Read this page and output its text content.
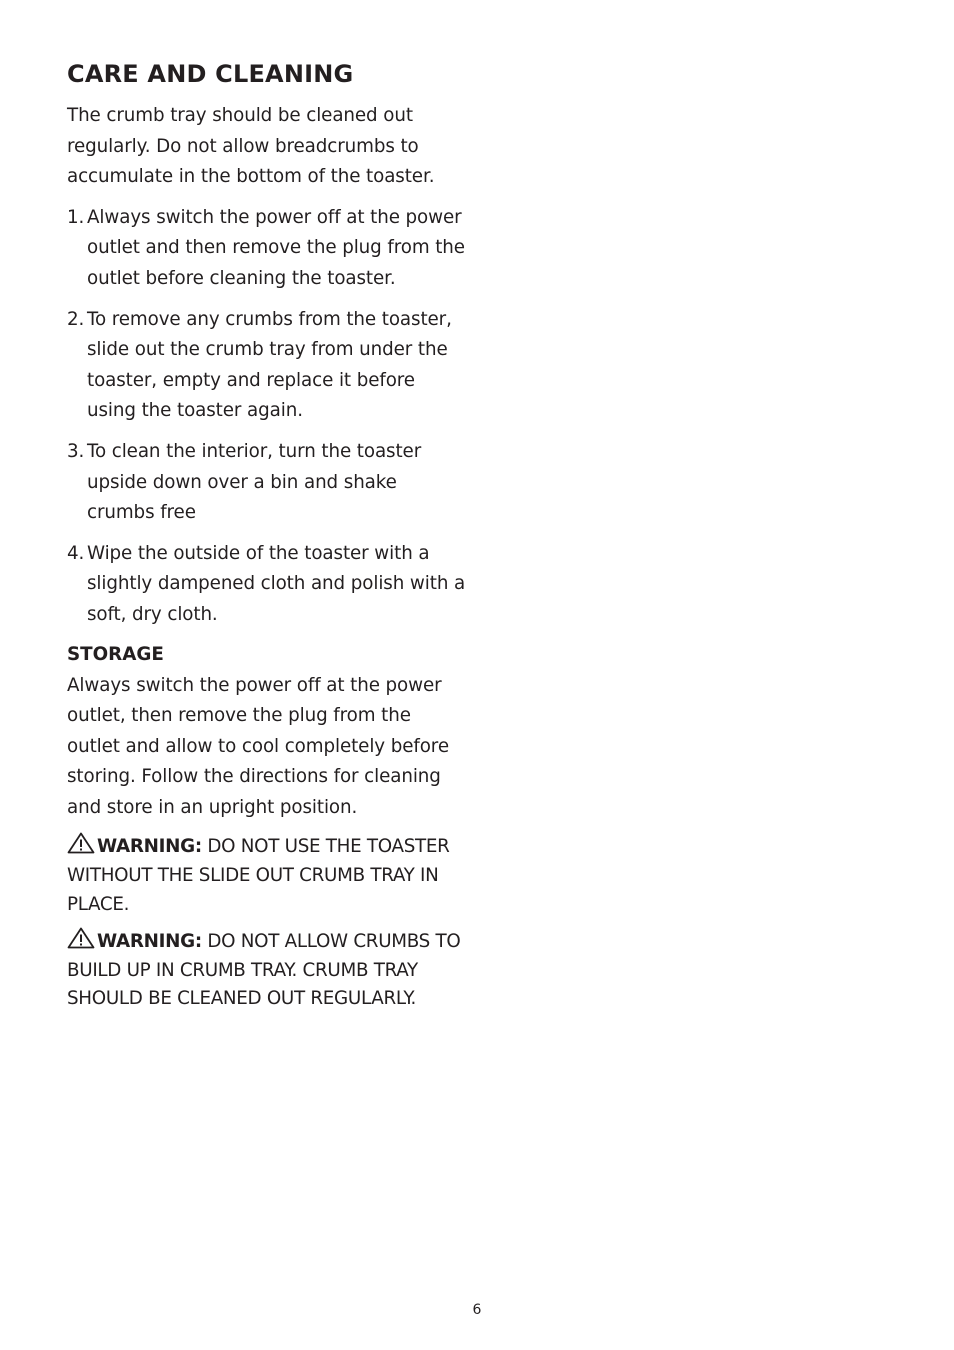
CARE AND CLEANING

The crumb tray should be cleaned out regularly. Do not allow breadcrumbs to accumulate in the bottom of the toaster.

1. Always switch the power off at the power outlet and then remove the plug from the outlet before cleaning the toaster.
2. To remove any crumbs from the toaster, slide out the crumb tray from under the toaster, empty and replace it before using the toaster again.
3. To clean the interior, turn the toaster upside down over a bin and shake crumbs free
4. Wipe the outside of the toaster with a slightly dampened cloth and polish with a soft, dry cloth.
STORAGE

Always switch the power off at the power outlet, then remove the plug from the outlet and allow to cool completely before storing. Follow the directions for cleaning and store in an upright position.

WARNING: DO NOT USE THE TOASTER WITHOUT THE SLIDE OUT CRUMB TRAY IN PLACE.
WARNING: DO NOT ALLOW CRUMBS TO BUILD UP IN CRUMB TRAY. CRUMB TRAY SHOULD BE CLEANED OUT REGULARLY.
6
